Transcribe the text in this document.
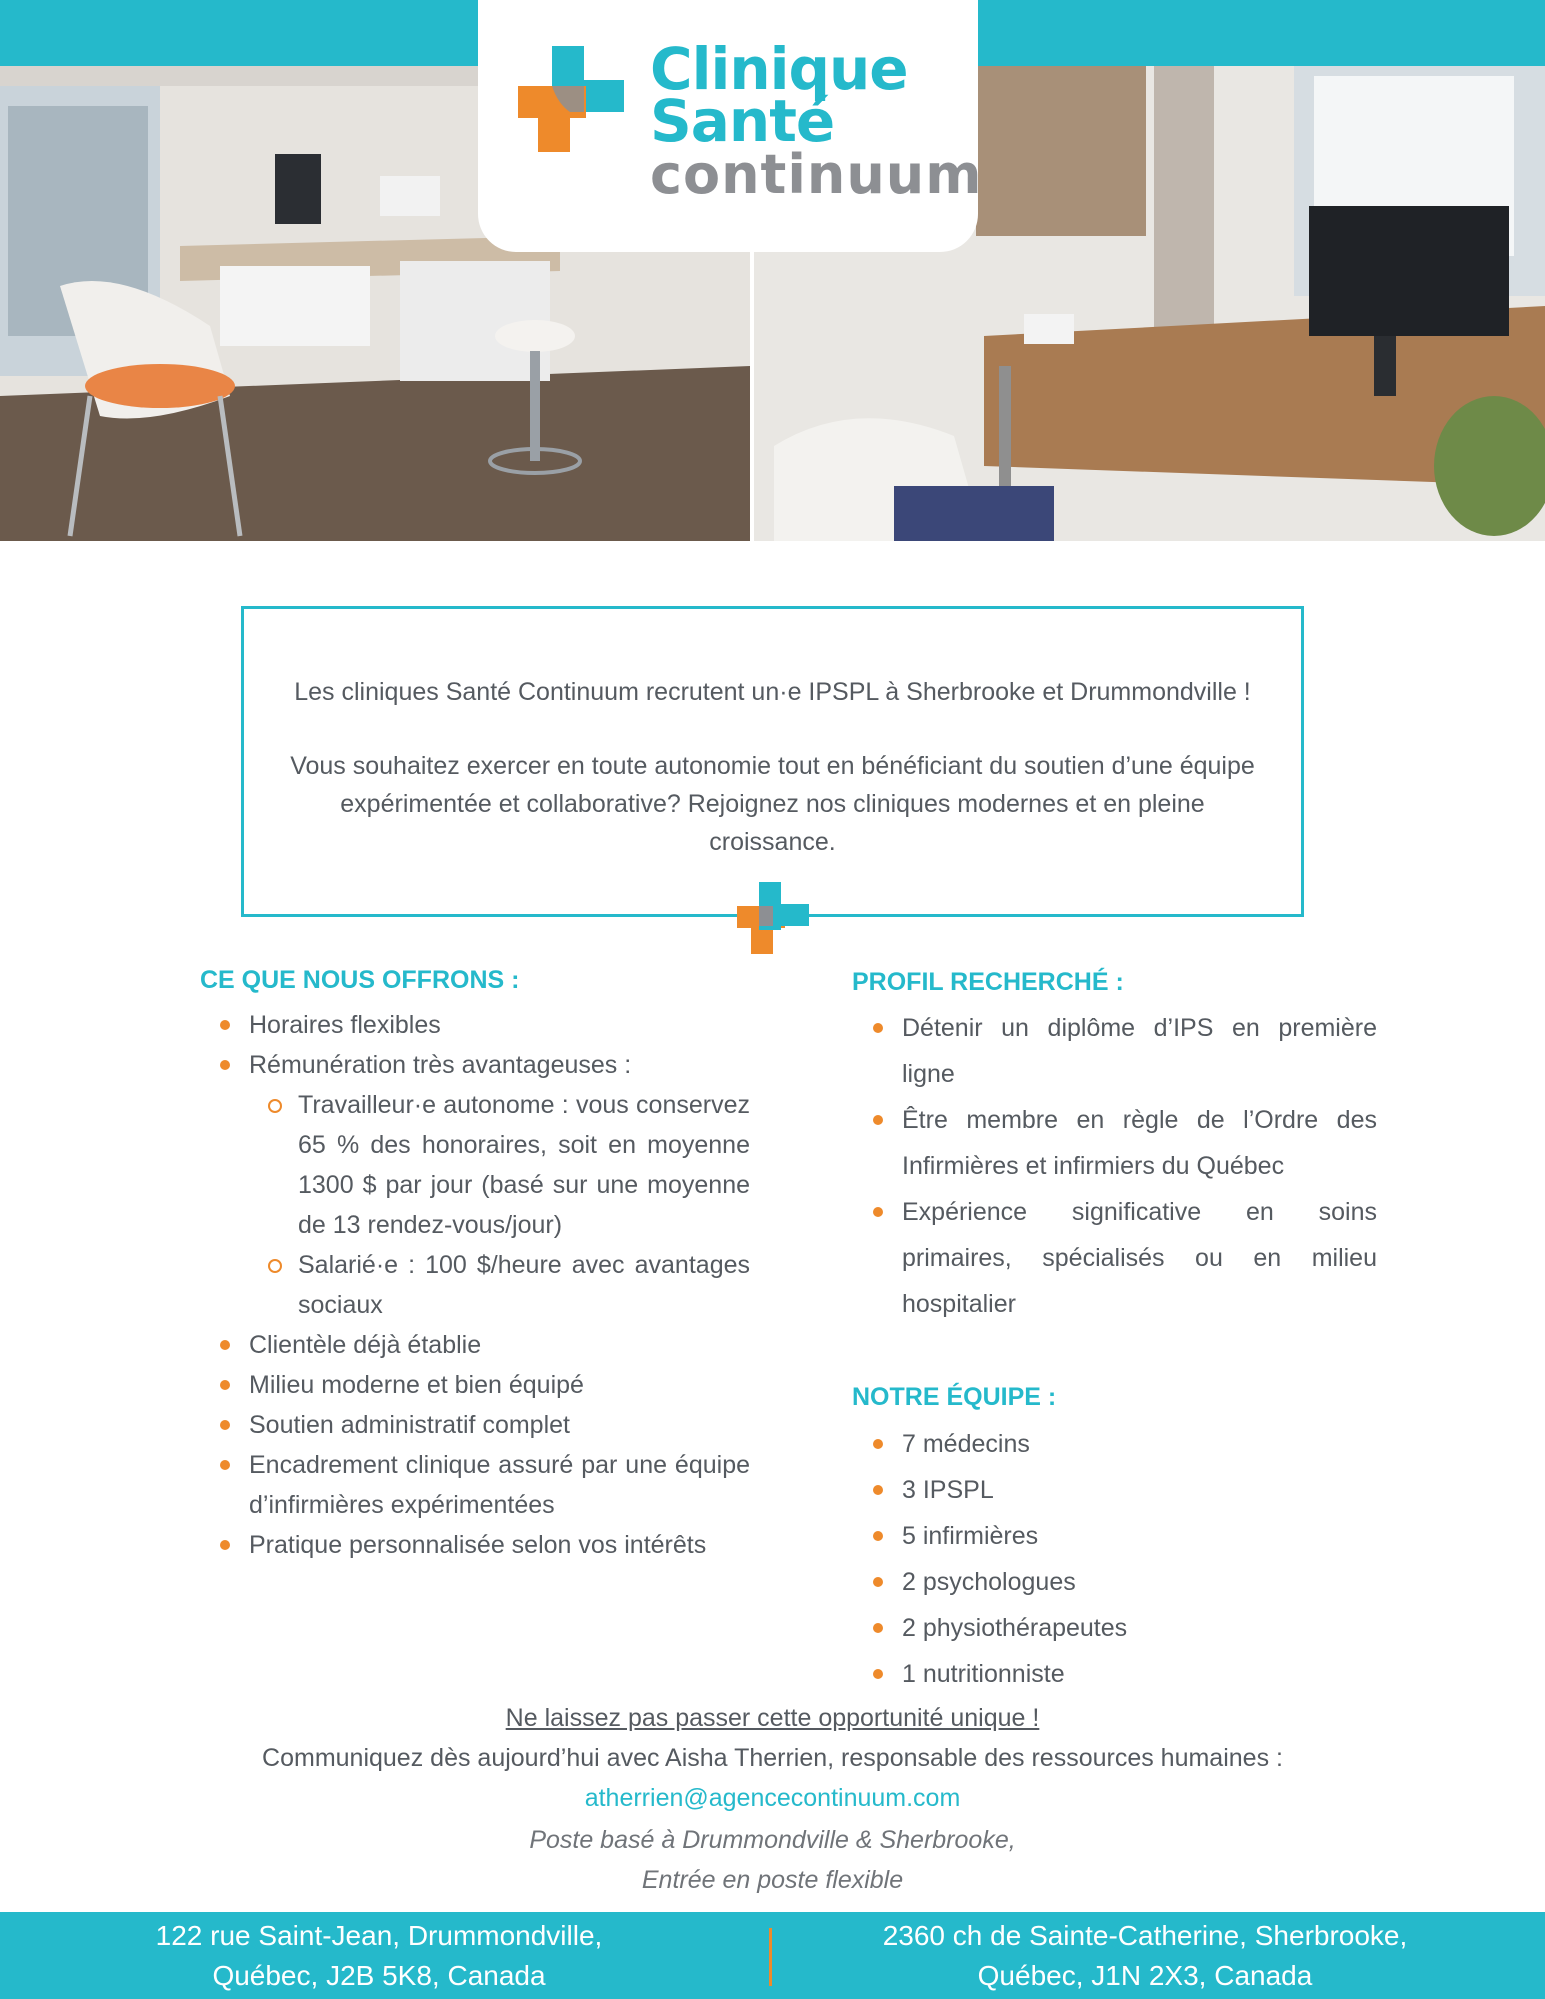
Clinique
Santé
continuum

Les cliniques Santé Continuum recrutent un·e IPSPL à Sherbrooke et Drummondville !

Vous souhaitez exercer en toute autonomie tout en bénéficiant du soutien d’une équipe expérimentée et collaborative? Rejoignez nos cliniques modernes et en pleine croissance.

CE QUE NOUS OFFRONS :
Horaires flexibles
Rémunération très avantageuses :
Travailleur·e autonome : vous conservez 65 % des honoraires, soit en moyenne 1300 $ par jour (basé sur une moyenne de 13 rendez-vous/jour)
Salarié·e : 100 $/heure avec avantages sociaux
Clientèle déjà établie
Milieu moderne et bien équipé
Soutien administratif complet
Encadrement clinique assuré par une équipe d’infirmières expérimentées
Pratique personnalisée selon vos intérêts
PROFIL RECHERCHÉ :
Détenir un diplôme d’IPS en première ligne
Être membre en règle de l’Ordre des Infirmières et infirmiers du Québec
Expérience significative en soins primaires, spécialisés ou en milieu hospitalier
NOTRE ÉQUIPE :
7 médecins
3 IPSPL
5 infirmières
2 psychologues
2 physiothérapeutes
1 nutritionniste
Ne laissez pas passer cette opportunité unique !
Communiquez dès aujourd’hui avec Aisha Therrien, responsable des ressources humaines :
atherrien@agencecontinuum.com
Poste basé à Drummondville & Sherbrooke,
Entrée en poste flexible
122 rue Saint-Jean, Drummondville,
Québec, J2B 5K8, Canada
2360 ch de Sainte-Catherine, Sherbrooke,
Québec, J1N 2X3, Canada
